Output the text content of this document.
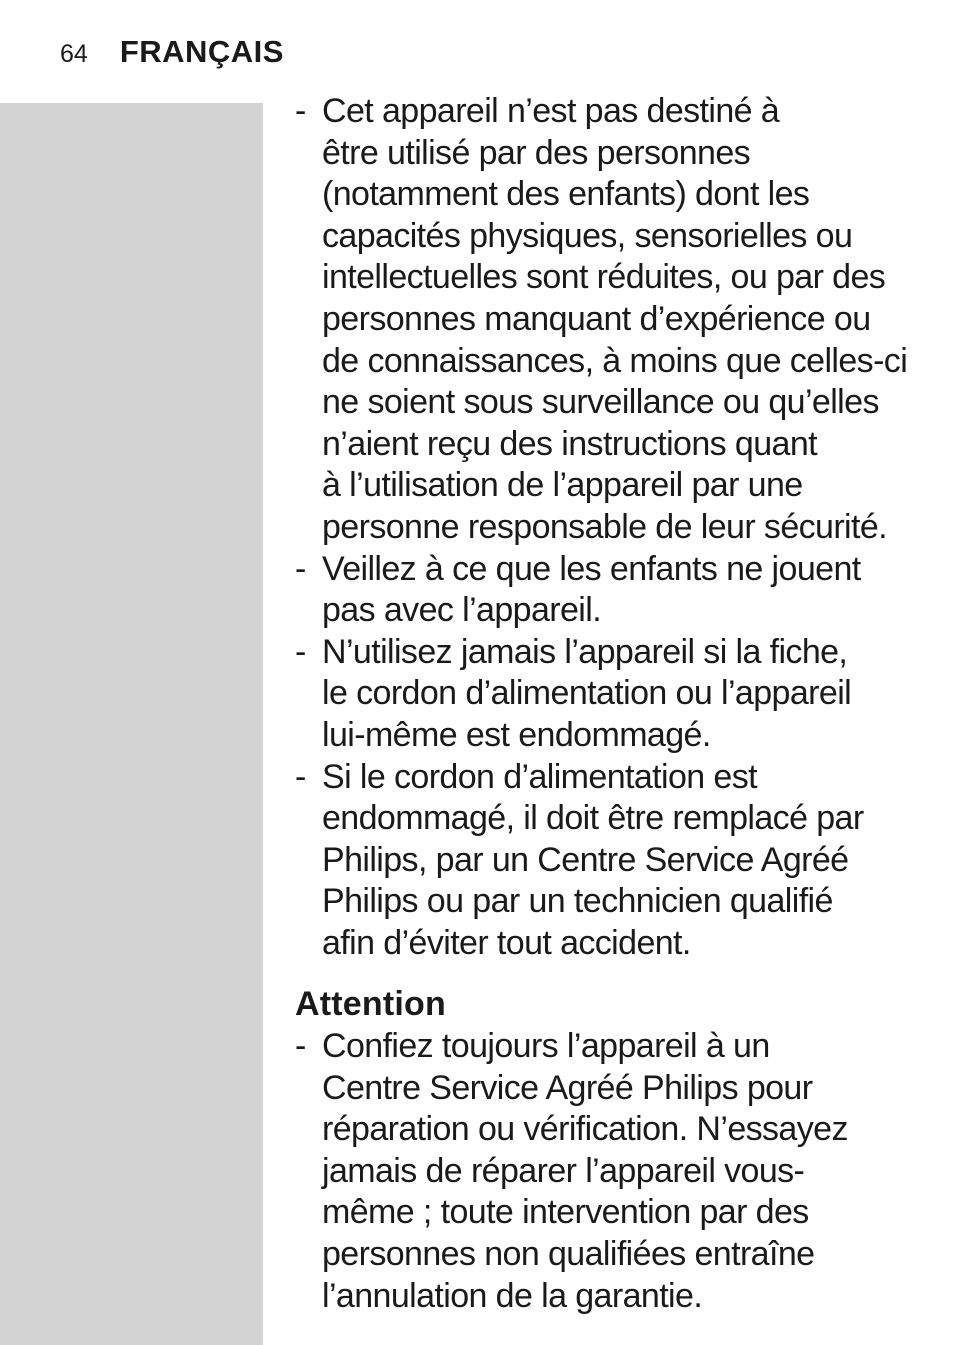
64 FRANÇAIS
- Cet appareil n’est pas destiné à
être utilisé par des personnes
(notamment des enfants) dont les
capacités physiques, sensorielles ou
intellectuelles sont réduites, ou par des
personnes manquant d’expérience ou
de connaissances, à moins que celles-ci
ne soient sous surveillance ou qu’elles
n’aient reçu des instructions quant
à l’utilisation de l’appareil par une
personne responsable de leur sécurité.
- Veillez à ce que les enfants ne jouent
pas avec l’appareil.
- N’utilisez jamais l’appareil si la fiche,
le cordon d’alimentation ou l’appareil
lui-même est endommagé.
- Si le cordon d’alimentation est
endommagé, il doit être remplacé par
Philips, par un Centre Service Agréé
Philips ou par un technicien qualifié
afin d’éviter tout accident.
Attention
- Confiez toujours l’appareil à un
Centre Service Agréé Philips pour
réparation ou vérification. N’essayez
jamais de réparer l’appareil vous-
même ; toute intervention par des
personnes non qualifiées entraîne
l’annulation de la garantie.
